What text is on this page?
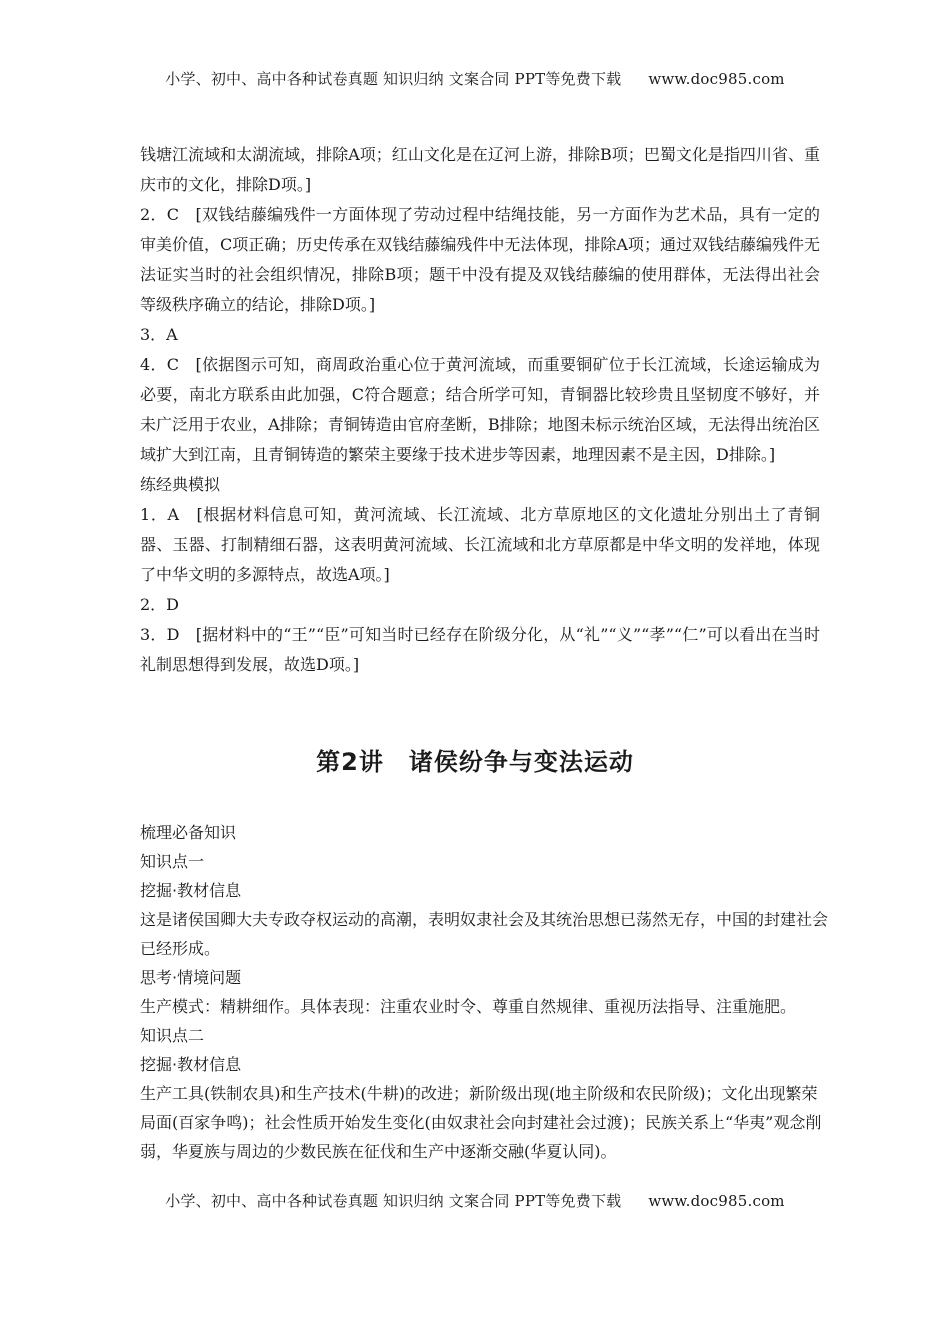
小学、初中、高中各种试卷真题 知识归纳 文案合同 PPT等免费下载 www.doc985.com

钱塘江流域和太湖流域，排除A项；红山文化是在辽河上游，排除B项；巴蜀文化是指四川省、重庆市的文化，排除D项。]

2．C　[双钱结藤编残件一方面体现了劳动过程中结绳技能，另一方面作为艺术品，具有一定的审美价值，C项正确；历史传承在双钱结藤编残件中无法体现，排除A项；通过双钱结藤编残件无法证实当时的社会组织情况，排除B项；题干中没有提及双钱结藤编的使用群体，无法得出社会等级秩序确立的结论，排除D项。]

3．A

4．C　[依据图示可知，商周政治重心位于黄河流域，而重要铜矿位于长江流域，长途运输成为必要，南北方联系由此加强，C符合题意；结合所学可知，青铜器比较珍贵且坚韧度不够好，并未广泛用于农业，A排除；青铜铸造由官府垄断，B排除；地图未标示统治区域，无法得出统治区域扩大到江南，且青铜铸造的繁荣主要缘于技术进步等因素，地理因素不是主因，D排除。]

练经典模拟

1．A　[根据材料信息可知，黄河流域、长江流域、北方草原地区的文化遗址分别出土了青铜器、玉器、打制精细石器，这表明黄河流域、长江流域和北方草原都是中华文明的发祥地，体现了中华文明的多源特点，故选A项。]

2．D

3．D　[据材料中的“王”“臣”可知当时已经存在阶级分化，从“礼”“义”“孝”“仁”可以看出在当时礼制思想得到发展，故选D项。]

第2讲　诸侯纷争与变法运动

梳理必备知识

知识点一

挖掘·教材信息

这是诸侯国卿大夫专政夺权运动的高潮，表明奴隶社会及其统治思想已荡然无存，中国的封建社会已经形成。

思考·情境问题

生产模式：精耕细作。具体表现：注重农业时令、尊重自然规律、重视历法指导、注重施肥。

知识点二

挖掘·教材信息

生产工具(铁制农具)和生产技术(牛耕)的改进；新阶级出现(地主阶级和农民阶级)；文化出现繁荣局面(百家争鸣)；社会性质开始发生变化(由奴隶社会向封建社会过渡)；民族关系上“华夷”观念削弱，华夏族与周边的少数民族在征伐和生产中逐渐交融(华夏认同)。

小学、初中、高中各种试卷真题 知识归纳 文案合同 PPT等免费下载 www.doc985.com
